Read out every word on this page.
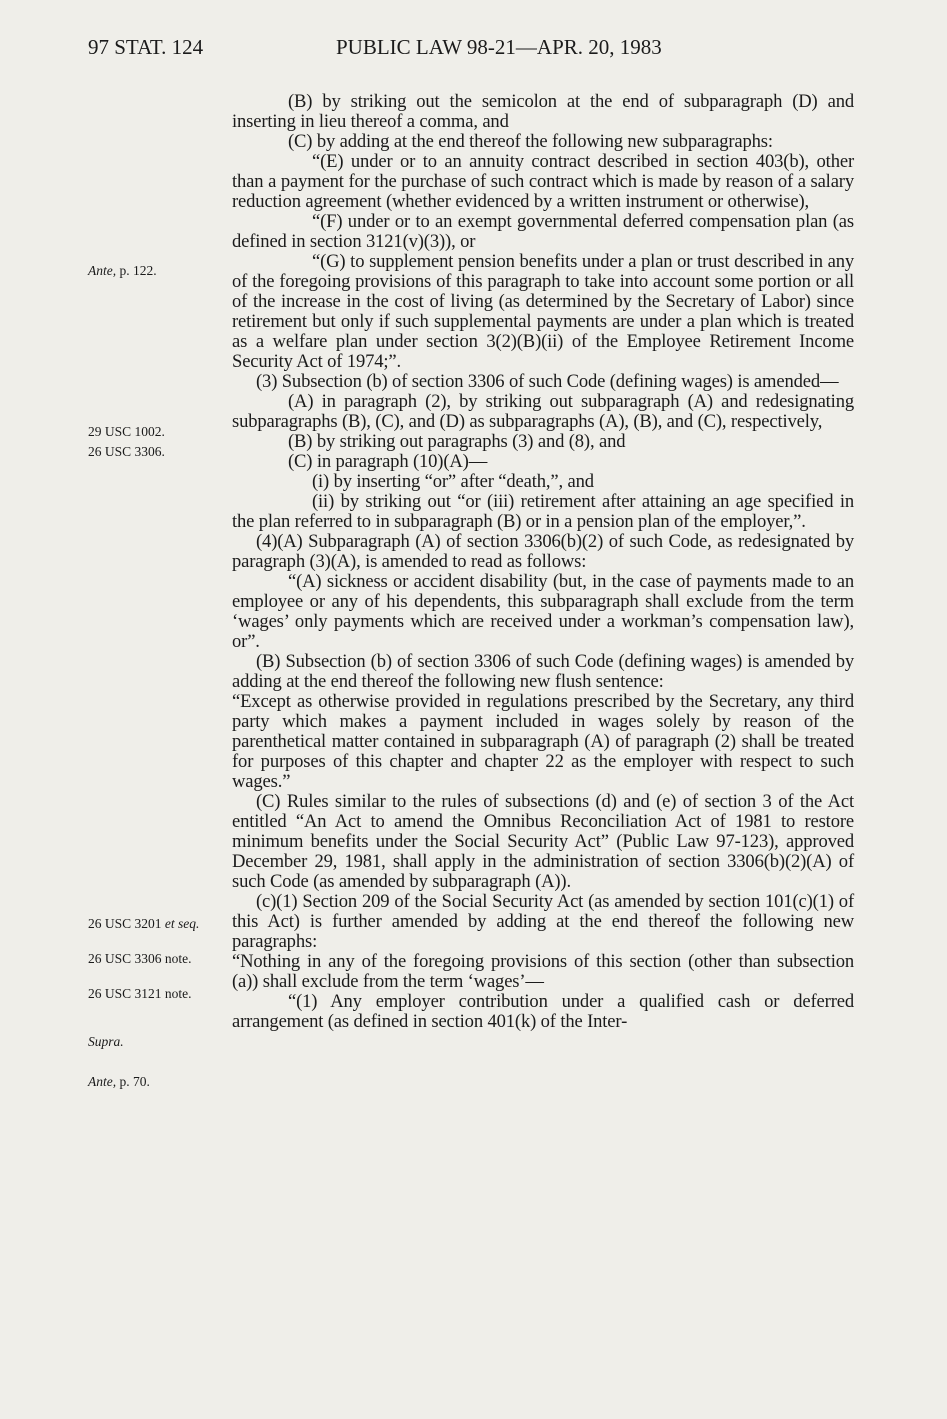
97 STAT. 124	PUBLIC LAW 98-21—APR. 20, 1983
Ante, p. 122.
29 USC 1002.
26 USC 3306.
26 USC 3201 et seq.
26 USC 3306 note.
26 USC 3121 note.
Supra.
Ante, p. 70.

(B) by striking out the semicolon at the end of subparagraph (D) and inserting in lieu thereof a comma, and

(C) by adding at the end thereof the following new subparagraphs:

“(E) under or to an annuity contract described in section 403(b), other than a payment for the purchase of such contract which is made by reason of a salary reduction agreement (whether evidenced by a written instrument or otherwise),

“(F) under or to an exempt governmental deferred compensation plan (as defined in section 3121(v)(3)), or

“(G) to supplement pension benefits under a plan or trust described in any of the foregoing provisions of this paragraph to take into account some portion or all of the increase in the cost of living (as determined by the Secretary of Labor) since retirement but only if such supplemental payments are under a plan which is treated as a welfare plan under section 3(2)(B)(ii) of the Employee Retirement Income Security Act of 1974;”.

(3) Subsection (b) of section 3306 of such Code (defining wages) is amended—

(A) in paragraph (2), by striking out subparagraph (A) and redesignating subparagraphs (B), (C), and (D) as subparagraphs (A), (B), and (C), respectively,

(B) by striking out paragraphs (3) and (8), and

(C) in paragraph (10)(A)—

(i) by inserting “or” after “death,”, and

(ii) by striking out “or (iii) retirement after attaining an age specified in the plan referred to in subparagraph (B) or in a pension plan of the employer,”.

(4)(A) Subparagraph (A) of section 3306(b)(2) of such Code, as redesignated by paragraph (3)(A), is amended to read as follows:

“(A) sickness or accident disability (but, in the case of payments made to an employee or any of his dependents, this subparagraph shall exclude from the term ‘wages’ only payments which are received under a workman’s compensation law), or”.

(B) Subsection (b) of section 3306 of such Code (defining wages) is amended by adding at the end thereof the following new flush sentence:

“Except as otherwise provided in regulations prescribed by the Secretary, any third party which makes a payment included in wages solely by reason of the parenthetical matter contained in subparagraph (A) of paragraph (2) shall be treated for purposes of this chapter and chapter 22 as the employer with respect to such wages.”

(C) Rules similar to the rules of subsections (d) and (e) of section 3 of the Act entitled “An Act to amend the Omnibus Reconciliation Act of 1981 to restore minimum benefits under the Social Security Act” (Public Law 97-123), approved December 29, 1981, shall apply in the administration of section 3306(b)(2)(A) of such Code (as amended by subparagraph (A)).

(c)(1) Section 209 of the Social Security Act (as amended by section 101(c)(1) of this Act) is further amended by adding at the end thereof the following new paragraphs:

“Nothing in any of the foregoing provisions of this section (other than subsection (a)) shall exclude from the term ‘wages’—

“(1) Any employer contribution under a qualified cash or deferred arrangement (as defined in section 401(k) of the Inter-
